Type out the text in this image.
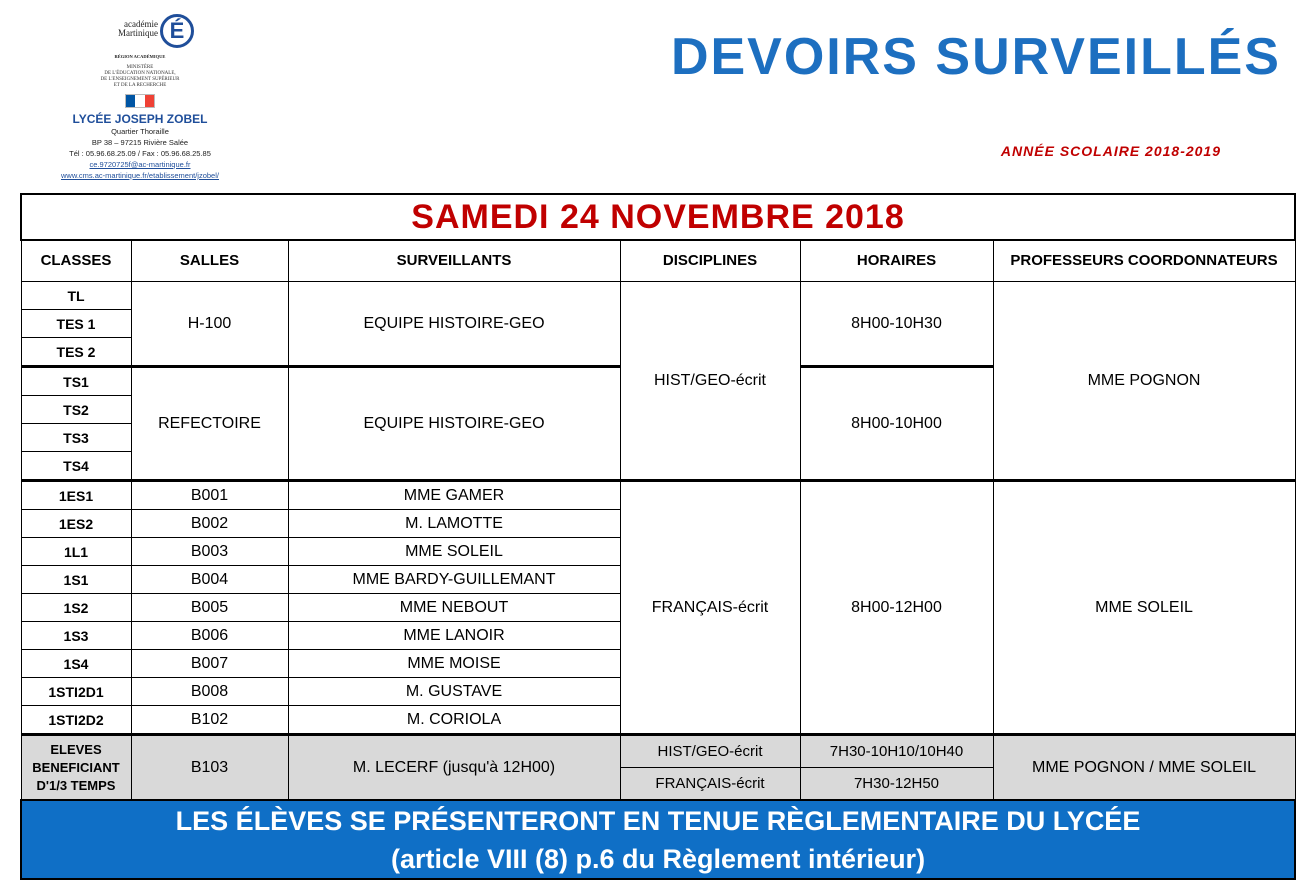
académie
Martinique É
RÉGION ACADÉMIQUE
MINISTÈRE
DE L'ÉDUCATION NATIONALE,
DE L'ENSEIGNEMENT SUPÉRIEUR
ET DE LA RECHERCHE
LYCÉE JOSEPH ZOBEL
Quartier Thoraille
BP 38 – 97215 Rivière Salée
Tél : 05.96.68.25.09 / Fax : 05.96.68.25.85
ce.9720725f@ac-martinique.fr
www.cms.ac-martinique.fr/etablissement/jzobel/
DEVOIRS SURVEILLÉS
ANNÉE SCOLAIRE 2018-2019
SAMEDI 24 NOVEMBRE 2018					
CLASSES	SALLES	SURVEILLANTS	DISCIPLINES	HORAIRES	PROFESSEURS COORDONNATEURS
TL	H-100	EQUIPE HISTOIRE-GEO	HIST/GEO-écrit	8H00-10H30	MME POGNON
TES 1					
TES 2					
TS1	REFECTOIRE	EQUIPE HISTOIRE-GEO		8H00-10H00	
TS2					
TS3					
TS4					
1ES1	B001	MME GAMER	FRANÇAIS-écrit	8H00-12H00	MME SOLEIL
1ES2	B002	M. LAMOTTE			
1L1	B003	MME SOLEIL			
1S1	B004	MME BARDY-GUILLEMANT			
1S2	B005	MME NEBOUT			
1S3	B006	MME LANOIR			
1S4	B007	MME MOISE			
1STI2D1	B008	M. GUSTAVE			
1STI2D2	B102	M. CORIOLA			
ELEVES BENEFICIANT D'1/3 TEMPS	B103	M. LECERF (jusqu'à 12H00)	HIST/GEO-écrit	7H30-10H10/10H40	MME POGNON / MME SOLEIL
			FRANÇAIS-écrit	7H30-12H50	

LES ÉLÈVES SE PRÉSENTERONT EN TENUE RÈGLEMENTAIRE DU LYCÉE
(article VIII (8) p.6 du Règlement intérieur)					
